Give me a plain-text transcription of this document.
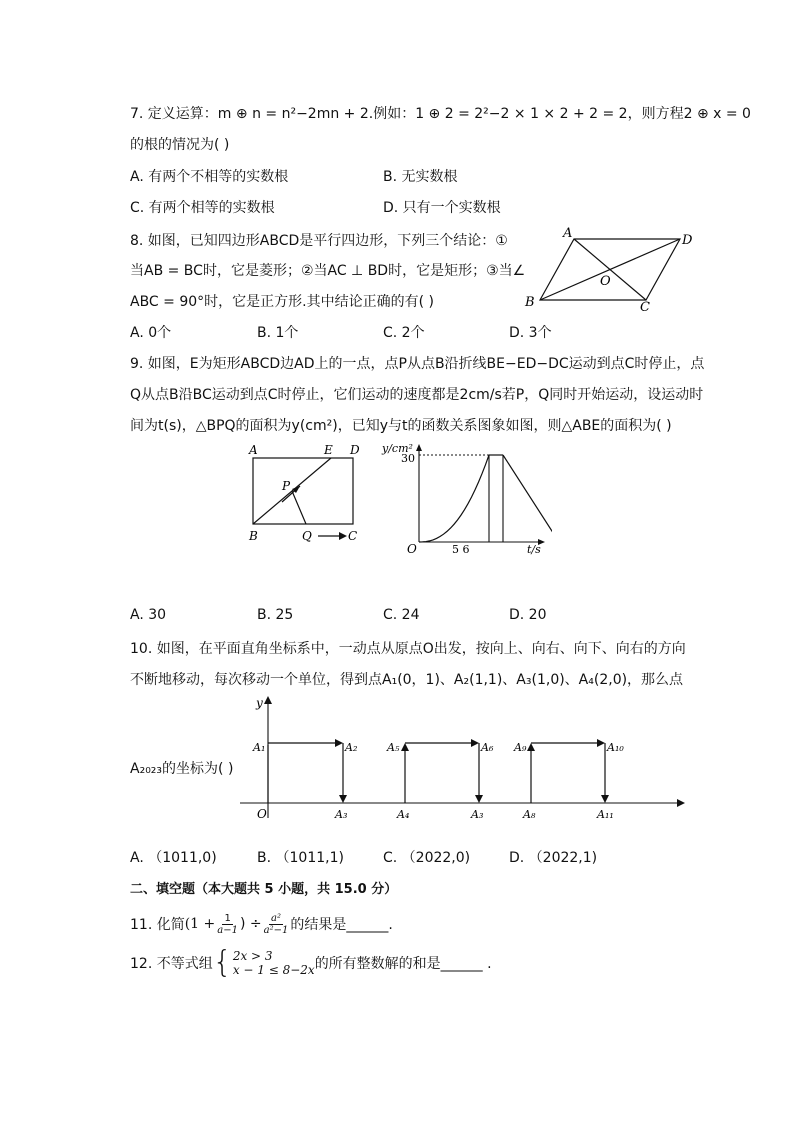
7. 定义运算：m ⊕ n = n²−2mn + 2.例如：1 ⊕ 2 = 2²−2 × 1 × 2 + 2 = 2，则方程2 ⊕ x = 0
的根的情况为( )
A. 有两个不相等的实数根	B. 无实数根
C. 有两个相等的实数根	D. 只有一个实数根
8. 如图，已知四边形ABCD是平行四边形，下列三个结论：①
当AB = BC时，它是菱形；②当AC ⊥ BD时，它是矩形；③当∠
ABC = 90°时，它是正方形.其中结论正确的有( )
A. 0个	B. 1个	C. 2个	D. 3个
A	D
B	C
O
9. 如图，E为矩形ABCD边AD上的一点，点P从点B沿折线BE−ED−DC运动到点C时停止，点
Q从点B沿BC运动到点C时停止，它们运动的速度都是2cm/s若P，Q同时开始运动，设运动时
间为t(s)，△BPQ的面积为y(cm²)，已知y与t的函数关系图象如图，则△ABE的面积为( )
A	E D
P
B	Q	C
y/cm²
t/s
O
30
5 6
A. 30	B. 25	C. 24	D. 20
10. 如图，在平面直角坐标系中，一动点从原点O出发，按向上、向右、向下、向右的方向
不断地移动，每次移动一个单位，得到点A₁(0，1)、A₂(1,1)、A₃(1,0)、A₄(2,0)，那么点
A₂₀₂₃的坐标为( )
y
O
A₁	A₂	A₅	A₆ A₉	A₁₀
A₃	A₄	A₃	A₈	A₁₁
A. （1011,0)	B. （1011,1)	C. （2022,0)	D. （2022,1)
二、填空题（本大题共 5 小题，共 15.0 分）
11. 化简 ($1 + \frac{1}{a-1}$ ) ÷ $\frac{\text{a²}}{\text{a²−1}}$ 的结果是______.
12. 不等式组 { 2x > 3
x − 1 ≤ 8−2x 的所有整数解的和是______ .
